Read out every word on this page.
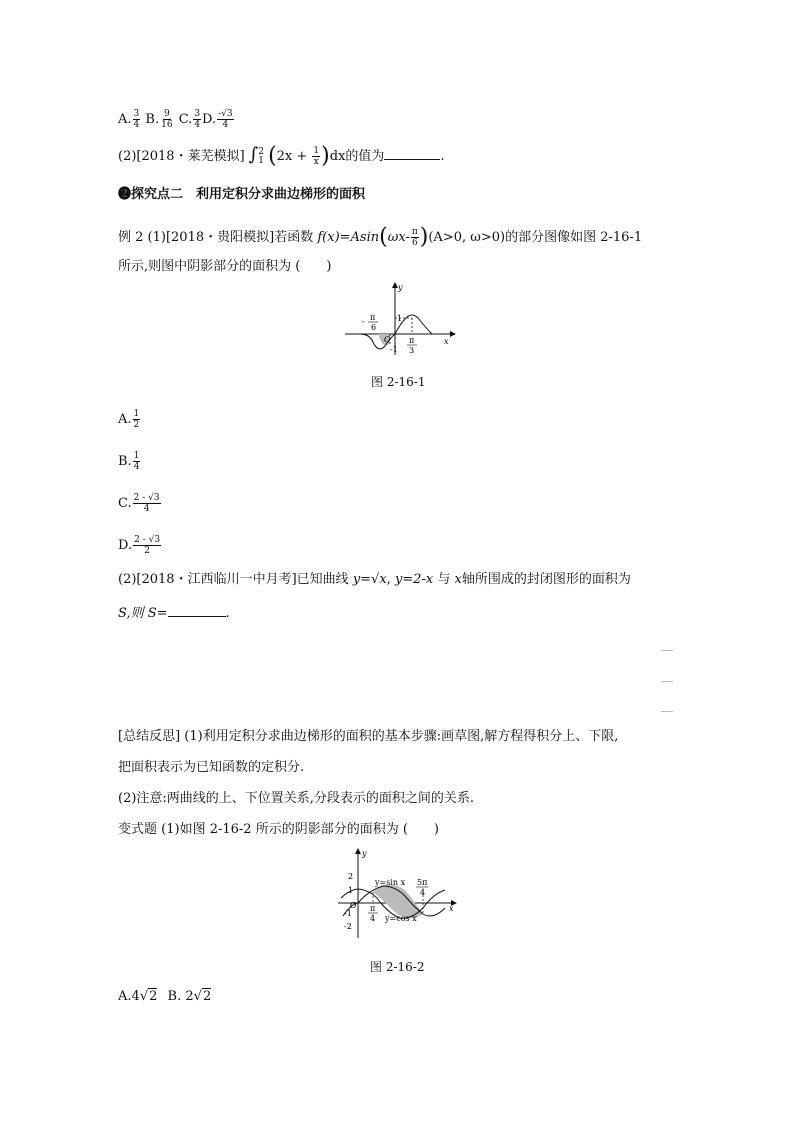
A. $\frac{3}{4} B$. $\frac{9}{16} C$. $\frac{3}{4} D$. $\frac{-√3}{4}$
(2)[2018・莱芜模拟] ∫ 2
1 $(2x + \frac{1}{x} )dx$的值为	.
❷探究点二　利用定积分求曲边梯形的面积
例 2 (1)[2018・贵阳模拟]若函数 $f(x)=Asin(\omega x- \frac{\pi}{6} )(A>0$, ω>0)的部分图像如图 2-16-1
所示,则图中阴影部分的面积为 (　　)
y
x
1
-1
O
- π
6
π
3
图 2-16-1
A. $\frac{1}{2}$
B. $\frac{1}{4}$
C. $\frac{2 - √3}{4}$
D. $\frac{2 - √3}{2}$
(2)[2018・江西临川一中月考]已知曲线 y=√x, y=2-x 与 x轴所围成的封闭图形的面积为
S,则 S=	.
[总结反思] (1)利用定积分求曲边梯形的面积的基本步骤:画草图,解方程得积分上、下限,
把面积表示为已知函数的定积分.
(2)注意:两曲线的上、下位置关系,分段表示的面积之间的关系.
变式题 (1)如图 2-16-2 所示的阴影部分的面积为 (　　)
y
x
2
1
-1
-2
O
y=sin x
y=cos x
π
4
5π
4
图 2-16-2
A.4√2 B. 2√2
